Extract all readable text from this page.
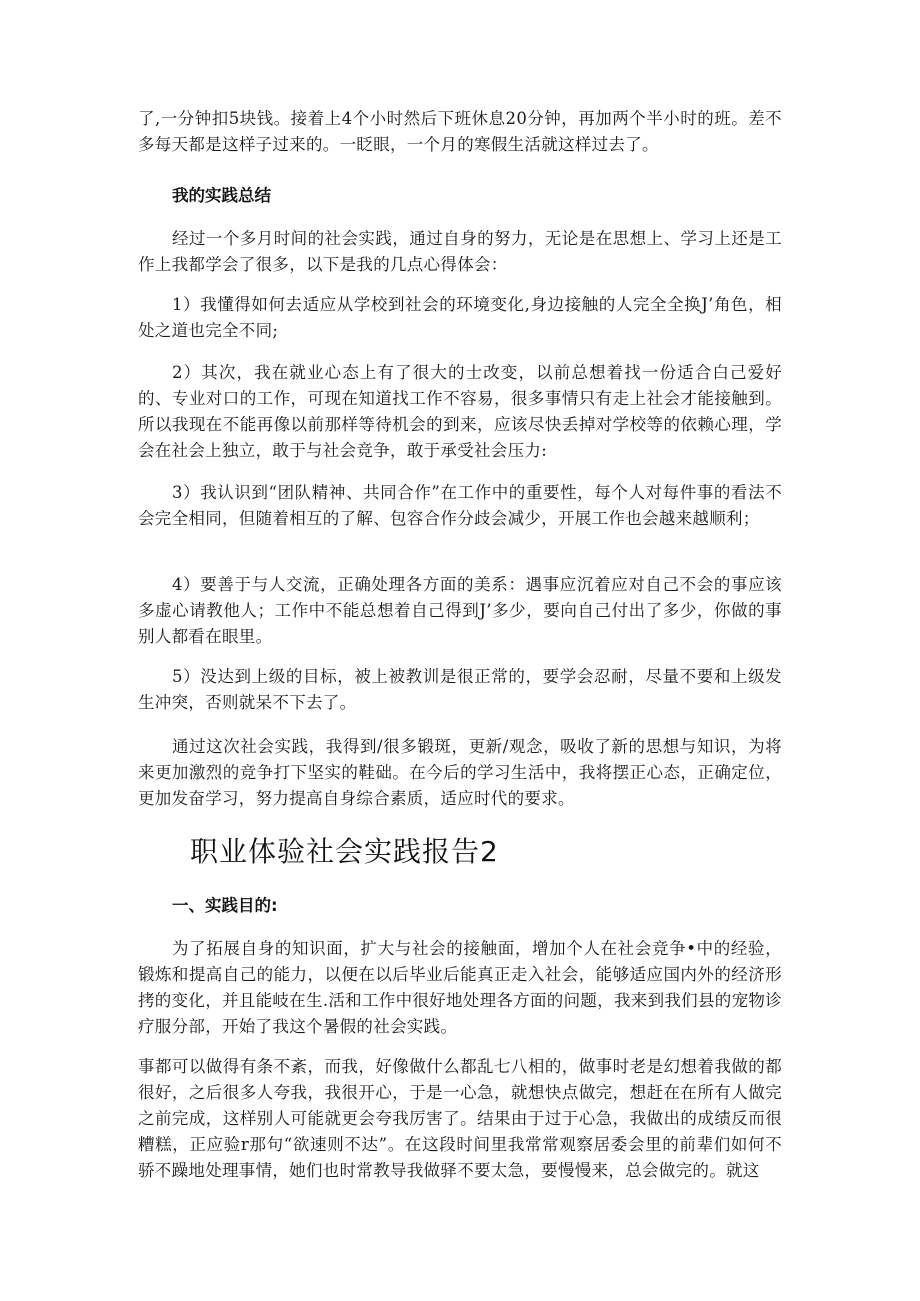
了,一分钟扣5块钱。接着上4个小时然后下班休息20分钟，再加两个半小时的班。差不多每天都是这样子过来的。一眨眼，一个月的寒假生活就这样过去了。

我的实践总结

经过一个多月时间的社会实践，通过自身的努力，无论是在思想上、学习上还是工作上我都学会了很多，以下是我的几点心得体会：

1）我懂得如何去适应从学校到社会的环境变化,身边接触的人完全全换J’角色，相处之道也完全不同;

2）其次，我在就业心态上有了很大的士改变，以前总想着找一份适合白己爱好的、专业对口的工作，可现在知道找工作不容易，很多事情只有走上社会才能接触到。所以我现在不能再像以前那样等待机会的到来，应该尽快丢掉对学校等的依赖心理，学会在社会上独立，敢于与社会竞争，敢于承受社会压力:

3）我认识到“团队精神、共同合作”在工作中的重要性，每个人对每件事的看法不会完全相同，但随着相互的了解、包容合作分歧会减少，开展工作也会越来越顺利；

4）要善于与人交流，正确处理各方面的美系：遇事应沉着应对自己不会的事应该多虚心请教他人；工作中不能总想着自己得到J’多少，要向自己付出了多少，你做的事别人都看在眼里。

5）没达到上级的目标，被上被教训是很正常的，要学会忍耐，尽量不要和上级发生冲突，否则就呆不下去了。

通过这次社会实践，我得到/很多锻斑，更新/观念，吸收了新的思想与知识，为将来更加激烈的竞争打下坚实的鞋础。在今后的学习生活中，我将摆正心态，正确定位，更加发奋学习，努力提高自身综合素质，适应时代的要求。

职业体验社会实践报告2
一、实践目的:

为了拓展自身的知识面，扩大与社会的接触面，增加个人在社会竞争•中的经验，锻炼和提高自己的能力，以便在以后毕业后能真正走入社会，能够适应国内外的经济形拷的变化，并且能岐在生.活和工作中很好地处理各方面的问题，我来到我们县的宠物诊疗服分部，开始了我这个暑假的社会实践。

事都可以做得有条不紊，而我，好像做什么都乱七八相的，做事时老是幻想着我做的都很好，之后很多人夸我，我很开心，于是一心急，就想快点做完，想赶在在所有人做完之前完成，这样别人可能就更会夸我厉害了。结果由于过于心急，我做出的成绩反而很糟糕，正应验r那句“欲速则不达”。在这段时间里我常常观察居委会里的前辈们如何不骄不躁地处理事情，她们也时常教导我做驿不要太急，要慢慢来，总会做完的。就这
